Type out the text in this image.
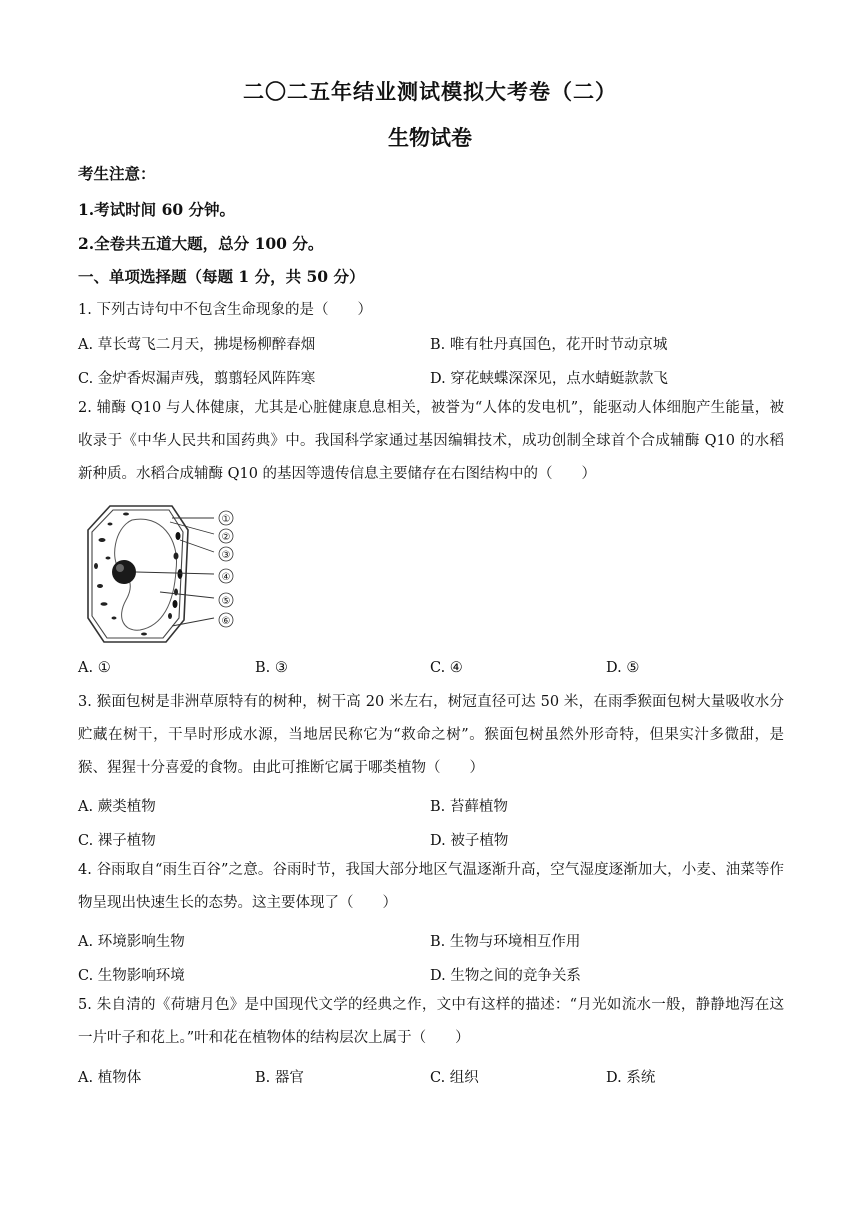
二〇二五年结业测试模拟大考卷（二）
生物试卷
考生注意：
1.考试时间 60 分钟。
2.全卷共五道大题，总分 100 分。
一、单项选择题（每题 1 分，共 50 分）
1. 下列古诗句中不包含生命现象的是（　　）
A. 草长莺飞二月天，拂堤杨柳醉春烟	B. 唯有牡丹真国色，花开时节动京城
C. 金炉香烬漏声残，翦翦轻风阵阵寒	D. 穿花蛱蝶深深见，点水蜻蜓款款飞
2. 辅酶 Q10 与人体健康，尤其是心脏健康息息相关，被誉为“人体的发电机”，能驱动人体细胞产生能量，被收录于《中华人民共和国药典》中。我国科学家通过基因编辑技术，成功创制全球首个合成辅酶 Q10 的水稻新种质。水稻合成辅酶 Q10 的基因等遗传信息主要储存在右图结构中的（　　）
①
②
③
④
⑤
⑥
A. ①	B. ③	C. ④	D. ⑤
3. 猴面包树是非洲草原特有的树种，树干高 20 米左右，树冠直径可达 50 米，在雨季猴面包树大量吸收水分贮藏在树干，干旱时形成水源，当地居民称它为“救命之树”。猴面包树虽然外形奇特，但果实汁多微甜，是猴、猩猩十分喜爱的食物。由此可推断它属于哪类植物（　　）
A. 蕨类植物	B. 苔藓植物
C. 裸子植物	D. 被子植物
4. 谷雨取自“雨生百谷”之意。谷雨时节，我国大部分地区气温逐渐升高，空气湿度逐渐加大，小麦、油菜等作物呈现出快速生长的态势。这主要体现了（　　）
A. 环境影响生物	B. 生物与环境相互作用
C. 生物影响环境	D. 生物之间的竞争关系
5. 朱自清的《荷塘月色》是中国现代文学的经典之作，文中有这样的描述：“月光如流水一般，静静地泻在这一片叶子和花上。”叶和花在植物体的结构层次上属于（　　）
A. 植物体	B. 器官	C. 组织	D. 系统
